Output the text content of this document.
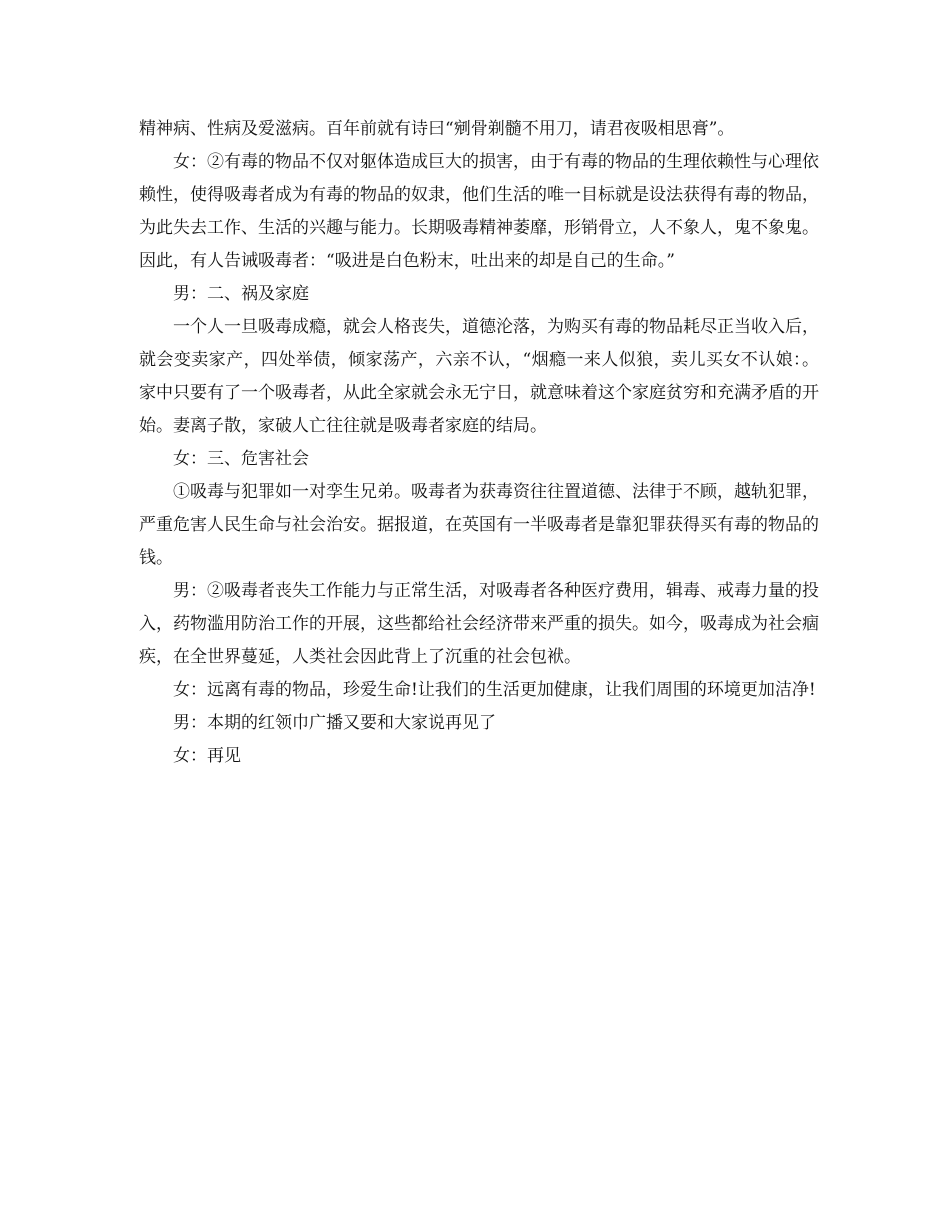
精神病、性病及爱滋病。百年前就有诗曰“剜骨剃髓不用刀，请君夜吸相思膏”。

女：②有毒的物品不仅对躯体造成巨大的损害，由于有毒的物品的生理依赖性与心理依赖性，使得吸毒者成为有毒的物品的奴隶，他们生活的唯一目标就是设法获得有毒的物品，为此失去工作、生活的兴趣与能力。长期吸毒精神萎靡，形销骨立，人不象人，鬼不象鬼。因此，有人告诫吸毒者：“吸进是白色粉末，吐出来的却是自己的生命。”

男：二、祸及家庭

一个人一旦吸毒成瘾，就会人格丧失，道德沦落，为购买有毒的物品耗尽正当收入后，就会变卖家产，四处举债，倾家荡产，六亲不认，“烟瘾一来人似狼，卖儿买女不认娘：。家中只要有了一个吸毒者，从此全家就会永无宁日，就意味着这个家庭贫穷和充满矛盾的开始。妻离子散，家破人亡往往就是吸毒者家庭的结局。

女：三、危害社会

①吸毒与犯罪如一对孪生兄弟。吸毒者为获毒资往往置道德、法律于不顾，越轨犯罪，严重危害人民生命与社会治安。据报道，在英国有一半吸毒者是靠犯罪获得买有毒的物品的钱。

男：②吸毒者丧失工作能力与正常生活，对吸毒者各种医疗费用，辑毒、戒毒力量的投入，药物滥用防治工作的开展，这些都给社会经济带来严重的损失。如今，吸毒成为社会痼疾，在全世界蔓延，人类社会因此背上了沉重的社会包袱。

女：远离有毒的物品，珍爱生命!让我们的生活更加健康，让我们周围的环境更加洁净!

男：本期的红领巾广播又要和大家说再见了

女：再见
